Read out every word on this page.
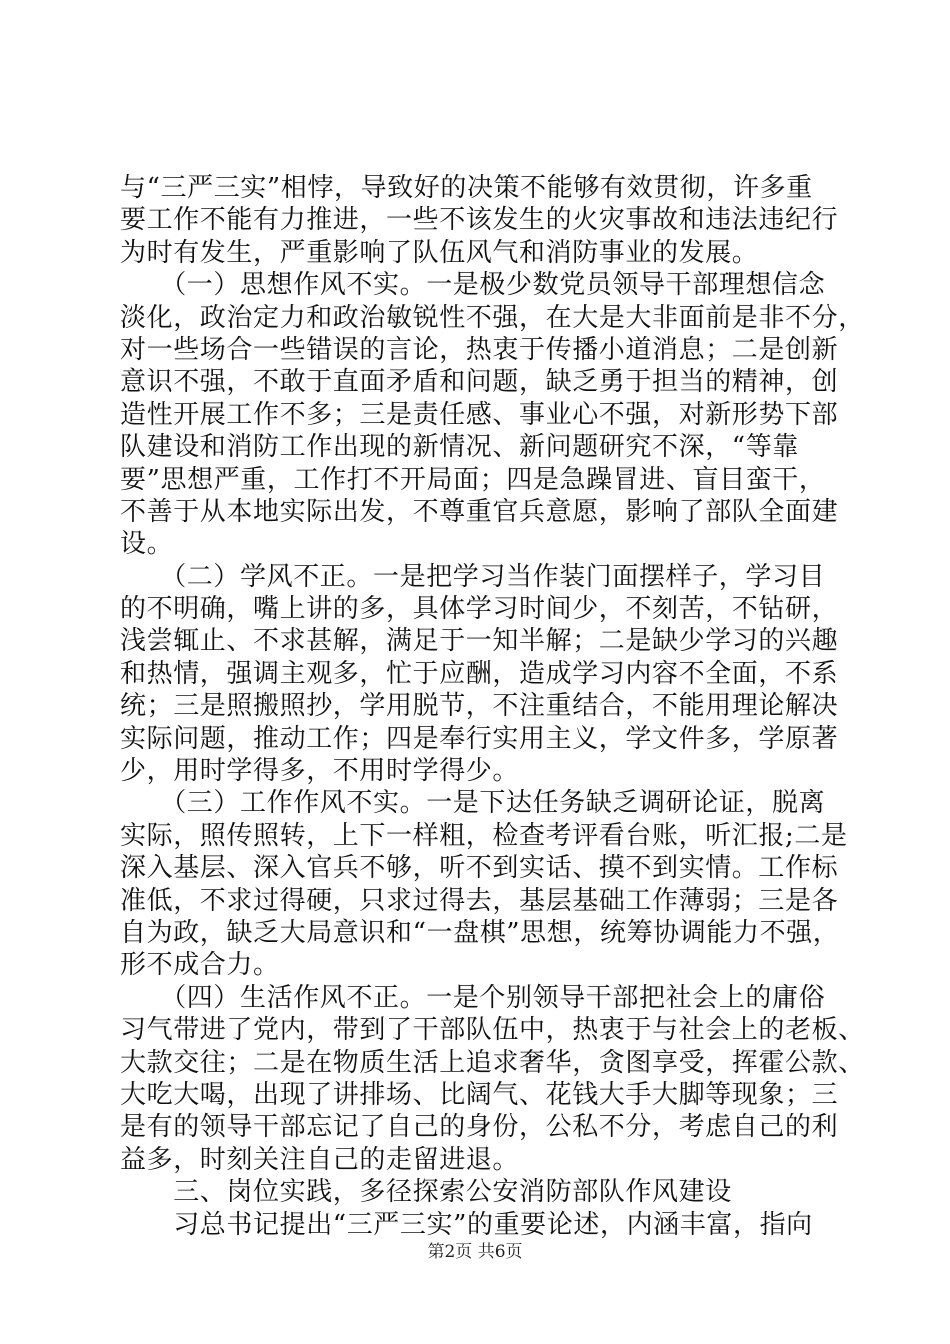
与“三严三实”相悖，导致好的决策不能够有效贯彻，许多重
要工作不能有力推进，一些不该发生的火灾事故和违法违纪行
为时有发生，严重影响了队伍风气和消防事业的发展。
　　（一）思想作风不实。一是极少数党员领导干部理想信念
淡化，政治定力和政治敏锐性不强，在大是大非面前是非不分，
对一些场合一些错误的言论，热衷于传播小道消息；二是创新
意识不强，不敢于直面矛盾和问题，缺乏勇于担当的精神，创
造性开展工作不多；三是责任感、事业心不强，对新形势下部
队建设和消防工作出现的新情况、新问题研究不深，“等靠
要”思想严重，工作打不开局面；四是急躁冒进、盲目蛮干，
不善于从本地实际出发，不尊重官兵意愿，影响了部队全面建
设。
　　（二）学风不正。一是把学习当作装门面摆样子，学习目
的不明确，嘴上讲的多，具体学习时间少，不刻苦，不钻研，
浅尝辄止、不求甚解，满足于一知半解；二是缺少学习的兴趣
和热情，强调主观多，忙于应酬，造成学习内容不全面，不系
统；三是照搬照抄，学用脱节，不注重结合，不能用理论解决
实际问题，推动工作；四是奉行实用主义，学文件多，学原著
少，用时学得多，不用时学得少。
　　（三）工作作风不实。一是下达任务缺乏调研论证，脱离
实际，照传照转，上下一样粗，检查考评看台账，听汇报;二是
深入基层、深入官兵不够，听不到实话、摸不到实情。工作标
准低，不求过得硬，只求过得去，基层基础工作薄弱；三是各
自为政，缺乏大局意识和“一盘棋”思想，统筹协调能力不强，
形不成合力。
　　（四）生活作风不正。一是个别领导干部把社会上的庸俗
习气带进了党内，带到了干部队伍中，热衷于与社会上的老板、
大款交往；二是在物质生活上追求奢华，贪图享受，挥霍公款、
大吃大喝，出现了讲排场、比阔气、花钱大手大脚等现象；三
是有的领导干部忘记了自己的身份，公私不分，考虑自己的利
益多，时刻关注自己的走留进退。
　　三、岗位实践，多径探索公安消防部队作风建设
　　习总书记提出“三严三实”的重要论述，内涵丰富，指向
第2页 共6页
